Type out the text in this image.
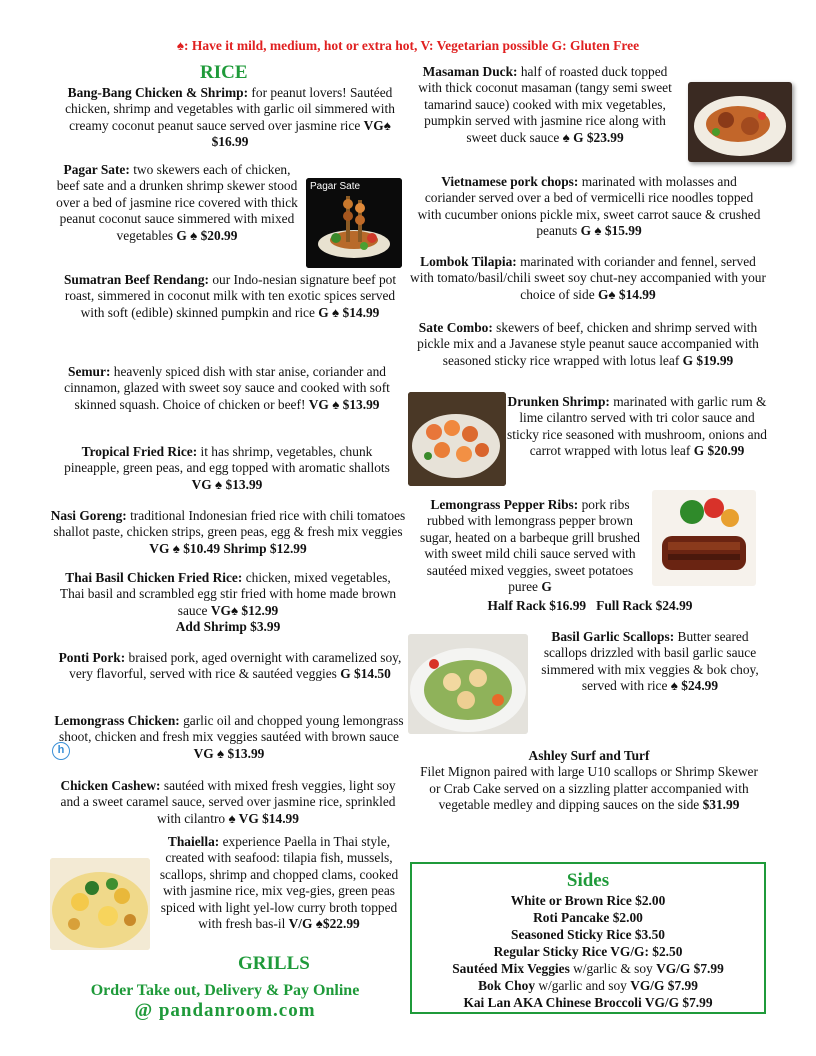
♠: Have it mild, medium, hot or extra hot, V: Vegetarian possible G: Gluten Free
RICE
Bang-Bang Chicken & Shrimp: for peanut lovers! Sautéed chicken, shrimp and vegetables with garlic oil simmered with creamy coconut peanut sauce served over jasmine rice VG♠ $16.99
Pagar Sate: two skewers each of chicken, beef sate and a drunken shrimp skewer stood over a bed of jasmine rice covered with thick peanut coconut sauce simmered with mixed vegetables G ♠ $20.99
Pagar Sate
Sumatran Beef Rendang: our Indo-nesian signature beef pot roast, simmered in coconut milk with ten exotic spices served with soft (edible) skinned pumpkin and rice G ♠ $14.99
Semur: heavenly spiced dish with star anise, coriander and cinnamon, glazed with sweet soy sauce and cooked with soft skinned squash. Choice of chicken or beef! VG ♠ $13.99
Tropical Fried Rice: it has shrimp, vegetables, chunk pineapple, green peas, and egg topped with aromatic shallots VG ♠ $13.99
Nasi Goreng: traditional Indonesian fried rice with chili tomatoes shallot paste, chicken strips, green peas, egg & fresh mix veggies VG ♠ $10.49 Shrimp $12.99
Thai Basil Chicken Fried Rice: chicken, mixed vegetables, Thai basil and scrambled egg stir fried with home made brown sauce VG♠ $12.99
Add Shrimp $3.99
Ponti Pork: braised pork, aged overnight with caramelized soy, very flavorful, served with rice & sautéed veggies G $14.50
h
Lemongrass Chicken: garlic oil and chopped young lemongrass shoot, chicken and fresh mix veggies sautéed with brown sauce VG ♠ $13.99
Chicken Cashew: sautéed with mixed fresh veggies, light soy and a sweet caramel sauce, served over jasmine rice, sprinkled with cilantro ♠ VG $14.99
Thaiella: experience Paella in Thai style, created with seafood: tilapia fish, mussels, scallops, shrimp and chopped clams, cooked with jasmine rice, mix veg-gies, green peas spiced with light yel-low curry broth topped with fresh bas-il V/G ♠$22.99
GRILLS
Order Take out, Delivery & Pay Online
@ pandanroom.com
Masaman Duck: half of roasted duck topped with thick coconut masaman (tangy semi sweet tamarind sauce) cooked with mix vegetables, pumpkin served with jasmine rice along with sweet duck sauce ♠ G $23.99
Vietnamese pork chops: marinated with molasses and coriander served over a bed of vermicelli rice noodles topped with cucumber onions pickle mix, sweet carrot sauce & crushed peanuts G ♠ $15.99
Lombok Tilapia: marinated with coriander and fennel, served with tomato/basil/chili sweet soy chut-ney accompanied with your choice of side G♠ $14.99
Sate Combo: skewers of beef, chicken and shrimp served with pickle mix and a Javanese style peanut sauce accompanied with seasoned sticky rice wrapped with lotus leaf G $19.99
Drunken Shrimp: marinated with garlic rum & lime cilantro served with tri color sauce and sticky rice seasoned with mushroom, onions and carrot wrapped with lotus leaf G $20.99
Lemongrass Pepper Ribs: pork ribs rubbed with lemongrass pepper brown sugar, heated on a barbeque grill brushed with sweet mild chili sauce served with sautéed mixed veggies, sweet potatoes puree G
Half Rack $16.99 Full Rack $24.99
Basil Garlic Scallops: Butter seared scallops drizzled with basil garlic sauce simmered with mix veggies & bok choy, served with rice ♠ $24.99
Ashley Surf and Turf
Filet Mignon paired with large U10 scallops or Shrimp Skewer or Crab Cake served on a sizzling platter accompanied with vegetable medley and dipping sauces on the side $31.99
Sides
White or Brown Rice $2.00
Roti Pancake $2.00
Seasoned Sticky Rice $3.50
Regular Sticky Rice VG/G: $2.50
Sautéed Mix Veggies w/garlic & soy VG/G $7.99
Bok Choy w/garlic and soy VG/G $7.99
Kai Lan AKA Chinese Broccoli VG/G $7.99
